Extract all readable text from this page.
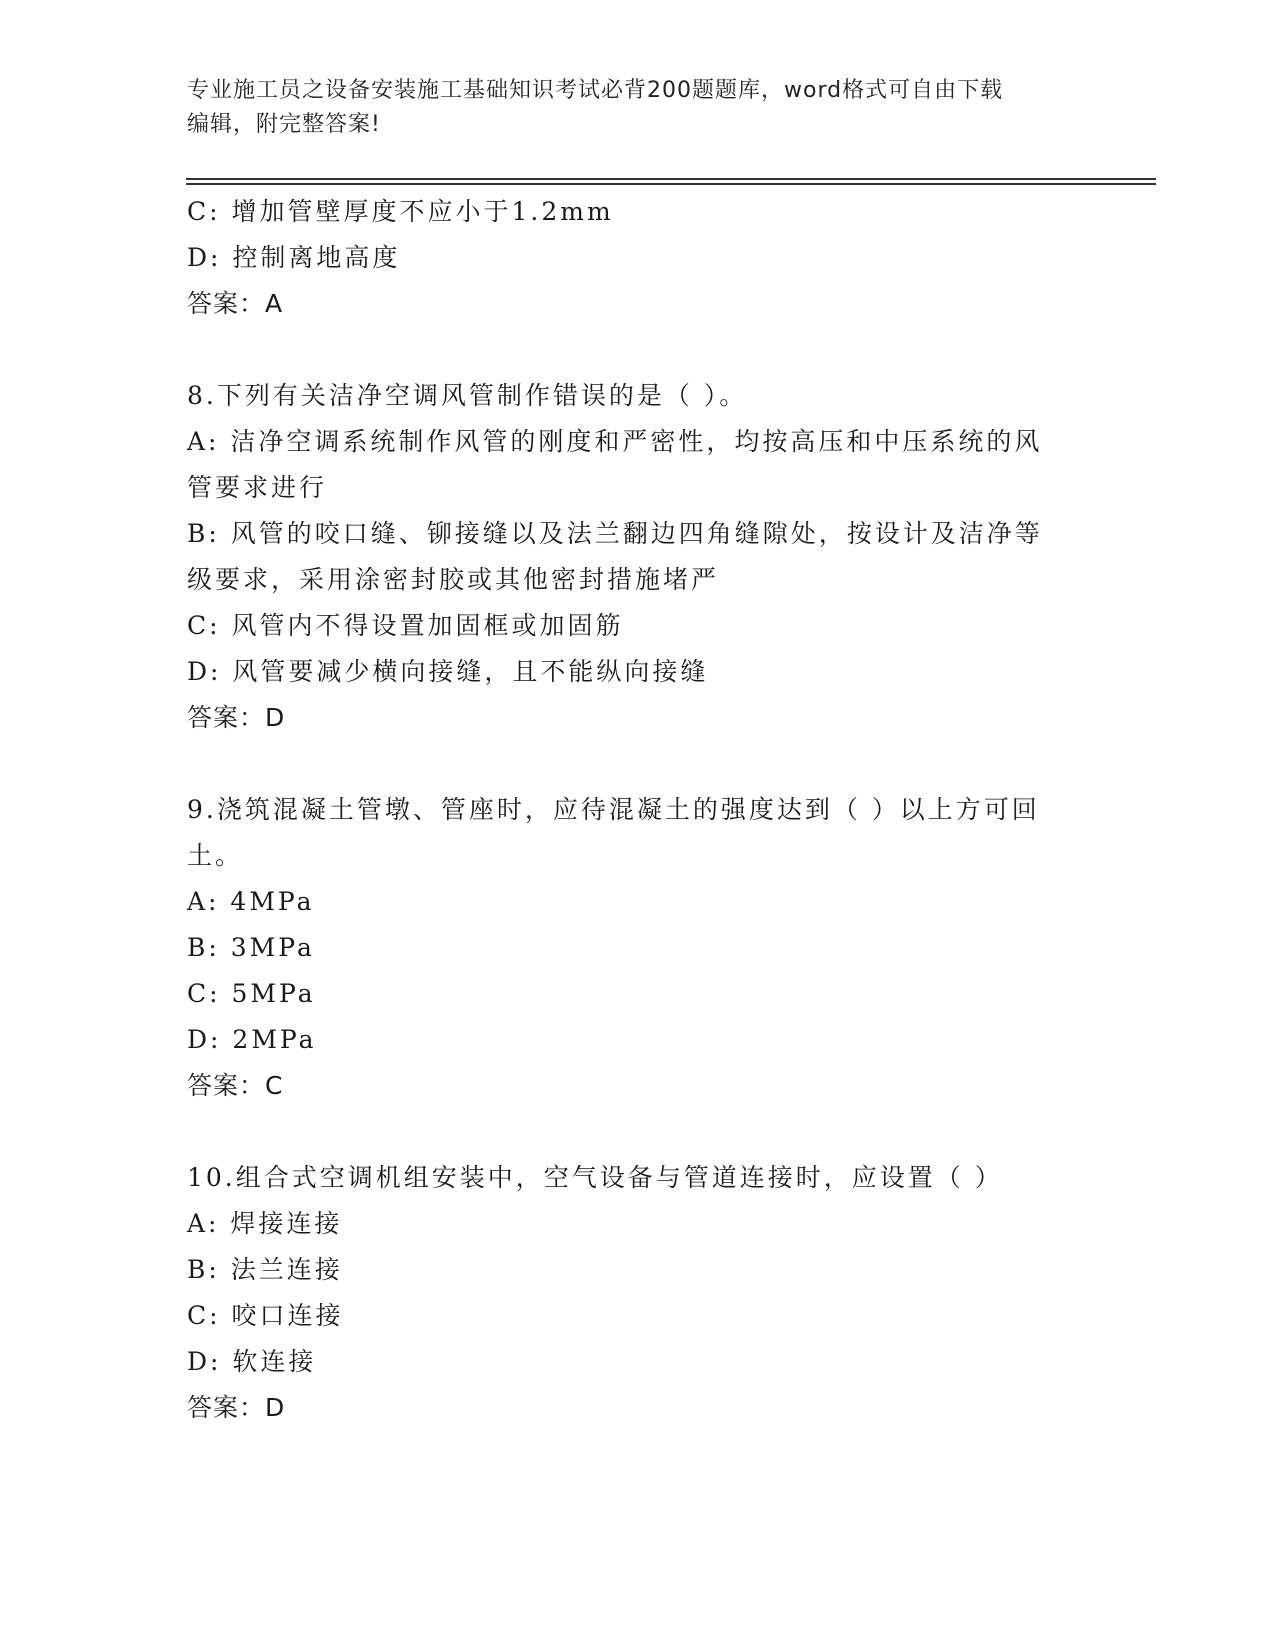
专业施工员之设备安装施工基础知识考试必背200题题库，word格式可自由下载
编辑，附完整答案!
C: 增加管壁厚度不应小于1.2mm
D: 控制离地高度
答案：A
8.下列有关洁净空调风管制作错误的是（ ）。
A: 洁净空调系统制作风管的刚度和严密性，均按高压和中压系统的风
管要求进行
B: 风管的咬口缝、铆接缝以及法兰翻边四角缝隙处，按设计及洁净等
级要求，采用涂密封胶或其他密封措施堵严
C: 风管内不得设置加固框或加固筋
D: 风管要减少横向接缝，且不能纵向接缝
答案：D
9.浇筑混凝土管墩、管座时，应待混凝土的强度达到（ ）以上方可回
土。
A: 4MPa
B: 3MPa
C: 5MPa
D: 2MPa
答案：C
10.组合式空调机组安装中，空气设备与管道连接时，应设置（ ）
A: 焊接连接
B: 法兰连接
C: 咬口连接
D: 软连接
答案：D
